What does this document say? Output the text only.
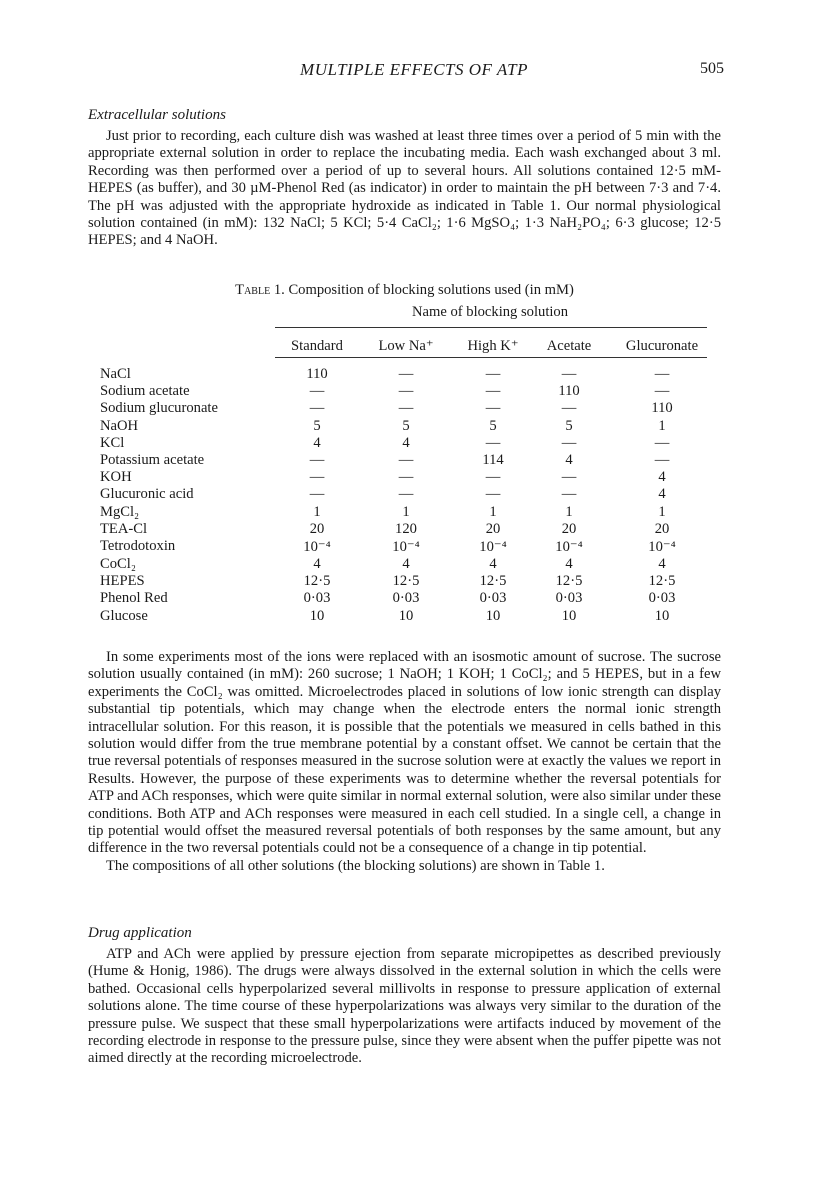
MULTIPLE EFFECTS OF ATP	505
Extracellular solutions

Just prior to recording, each culture dish was washed at least three times over a period of 5 min with the appropriate external solution in order to replace the incubating media. Each wash exchanged about 3 ml. Recording was then performed over a period of up to several hours. All solutions contained 12·5 mM-HEPES (as buffer), and 30 µM-Phenol Red (as indicator) in order to maintain the pH between 7·3 and 7·4. The pH was adjusted with the appropriate hydroxide as indicated in Table 1. Our normal physiological solution contained (in mM): 132 NaCl; 5 KCl; 5·4 CaCl₂; 1·6 MgSO₄; 1·3 NaH₂PO₄; 6·3 glucose; 12·5 HEPES; and 4 NaOH.

Table 1. Composition of blocking solutions used (in mM)
Name of blocking solution
	Standard	Low Na⁺	High K⁺	Acetate	Glucuronate

NaCl	110	—	—	—	—
Sodium acetate	—	—	—	110	—
Sodium glucuronate	—	—	—	—	110
NaOH	5	5	5	5	1
KCl	4	4	—	—	—
Potassium acetate	—	—	114	4	—
KOH	—	—	—	—	4
Glucuronic acid	—	—	—	—	4
MgCl₂	1	1	1	1	1
TEA-Cl	20	120	20	20	20
Tetrodotoxin	10⁻⁴	10⁻⁴	10⁻⁴	10⁻⁴	10⁻⁴
CoCl₂	4	4	4	4	4
HEPES	12·5	12·5	12·5	12·5	12·5
Phenol Red	0·03	0·03	0·03	0·03	0·03
Glucose	10	10	10	10	10

In some experiments most of the ions were replaced with an isosmotic amount of sucrose. The sucrose solution usually contained (in mM): 260 sucrose; 1 NaOH; 1 KOH; 1 CoCl₂; and 5 HEPES, but in a few experiments the CoCl₂ was omitted. Microelectrodes placed in solutions of low ionic strength can display substantial tip potentials, which may change when the electrode enters the normal ionic strength intracellular solution. For this reason, it is possible that the potentials we measured in cells bathed in this solution would differ from the true membrane potential by a constant offset. We cannot be certain that the true reversal potentials of responses measured in the sucrose solution were at exactly the values we report in Results. However, the purpose of these experiments was to determine whether the reversal potentials for ATP and ACh responses, which were quite similar in normal external solution, were also similar under these conditions. Both ATP and ACh responses were measured in each cell studied. In a single cell, a change in tip potential would offset the measured reversal potentials of both responses by the same amount, but any difference in the two reversal potentials could not be a consequence of a change in tip potential.

The compositions of all other solutions (the blocking solutions) are shown in Table 1.

Drug application

ATP and ACh were applied by pressure ejection from separate micropipettes as described previously (Hume & Honig, 1986). The drugs were always dissolved in the external solution in which the cells were bathed. Occasional cells hyperpolarized several millivolts in response to pressure application of external solutions alone. The time course of these hyperpolarizations was always very similar to the duration of the pressure pulse. We suspect that these small hyperpolarizations were artifacts induced by movement of the recording electrode in response to the pressure pulse, since they were absent when the puffer pipette was not aimed directly at the recording microelectrode.
